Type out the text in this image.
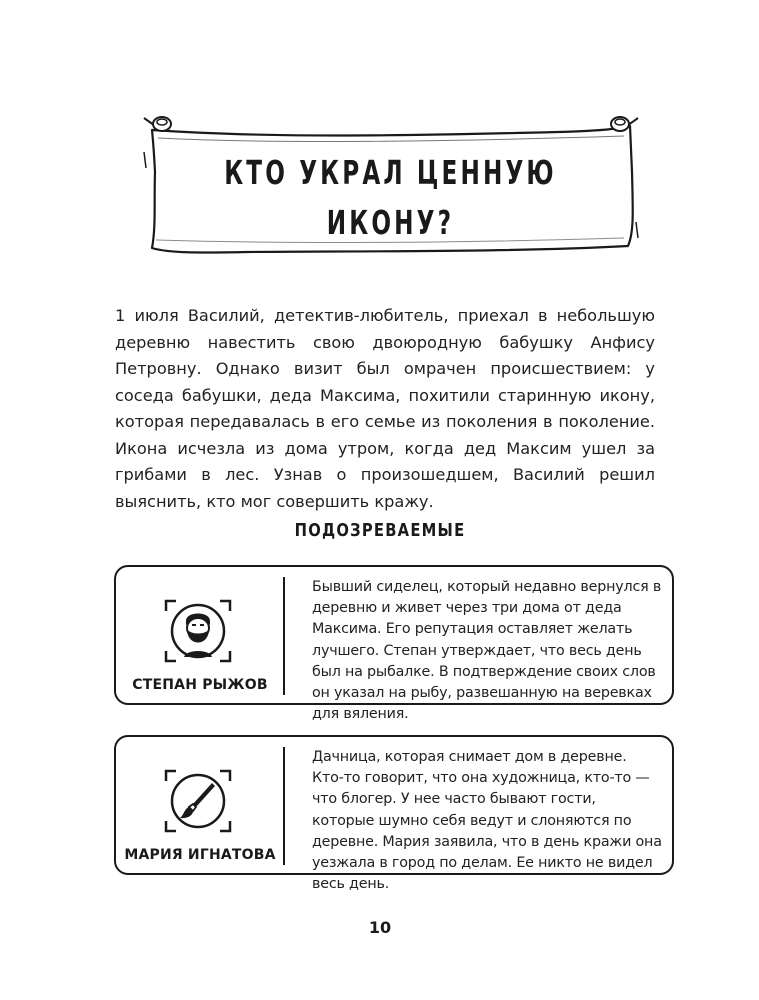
КТО УКРАЛ ЦЕННУЮ
ИКОНУ?

1 июля Василий, детектив-любитель, приехал в небольшую деревню навестить свою двоюродную бабушку Анфису Петровну. Однако визит был омрачен происшествием: у соседа бабушки, деда Максима, похитили старинную икону, которая передавалась в его семье из поколения в поколение. Икона исчезла из дома утром, когда дед Максим ушел за грибами в лес. Узнав о произошедшем, Василий решил выяснить, кто мог совершить кражу.

ПОДОЗРЕВАЕМЫЕ
СТЕПАН РЫЖОВ

Бывший сиделец, который недавно вернулся в деревню и живет через три дома от деда Максима. Его репутация оставляет желать лучшего. Степан утверждает, что весь день был на рыбалке. В подтверждение своих слов он указал на рыбу, развешанную на веревках для вяления.

МАРИЯ ИГНАТОВА

Дачница, которая снимает дом в деревне. Кто-то говорит, что она художница, кто-то — что блогер. У нее часто бывают гости, которые шумно себя ведут и слоняются по деревне. Мария заявила, что в день кражи она уезжала в город по делам. Ее никто не видел весь день.

10
